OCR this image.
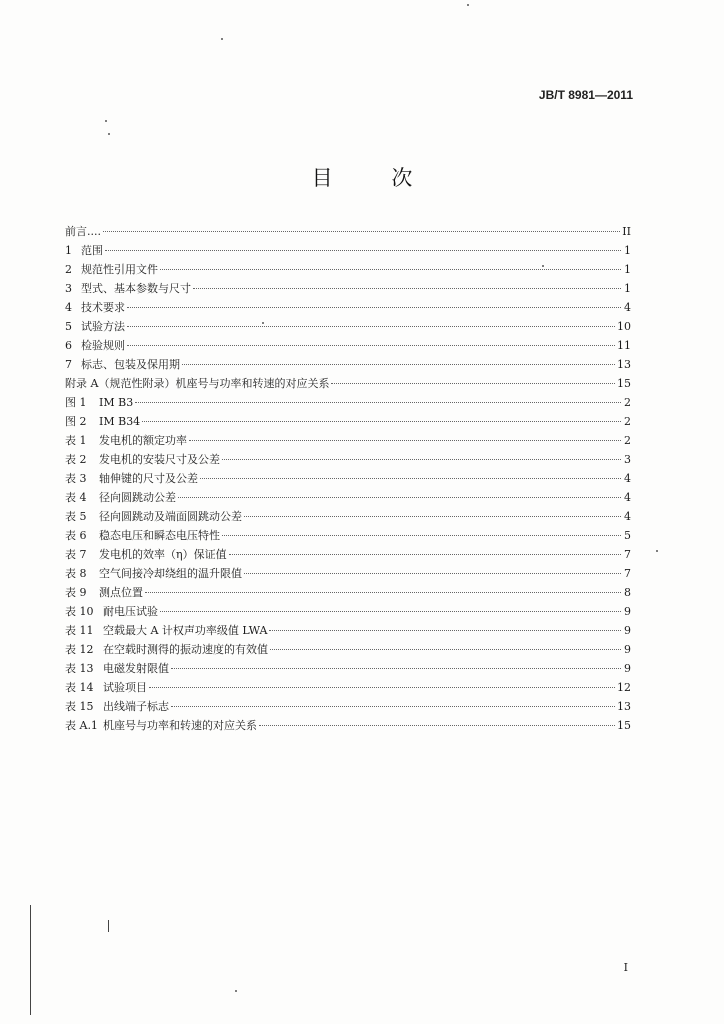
JB/T 8981—2011
目 次
前言....	II
1 范围	1
2 规范性引用文件	1
3 型式、基本参数与尺寸	1
4 技术要求	4
5 试验方法	10
6 检验规则	11
7 标志、包装及保用期	13
附录 A（规范性附录）机座号与功率和转速的对应关系	15
图 1	IM B3	2
图 2	IM B34	2
表 1	发电机的额定功率	2
表 2	发电机的安装尺寸及公差	3
表 3	轴伸键的尺寸及公差	4
表 4	径向圆跳动公差	4
表 5	径向圆跳动及端面圆跳动公差	4
表 6	稳态电压和瞬态电压特性	5
表 7	发电机的效率（η）保证值	7
表 8	空气间接冷却绕组的温升限值	7
表 9	测点位置	8
表 10 耐电压试验	9
表 11 空载最大 A 计权声功率级值 LWA	9
表 12 在空载时测得的振动速度的有效值	9
表 13 电磁发射限值	9
表 14 试验项目	12
表 15 出线端子标志	13
表 A.1 机座号与功率和转速的对应关系	15
I
